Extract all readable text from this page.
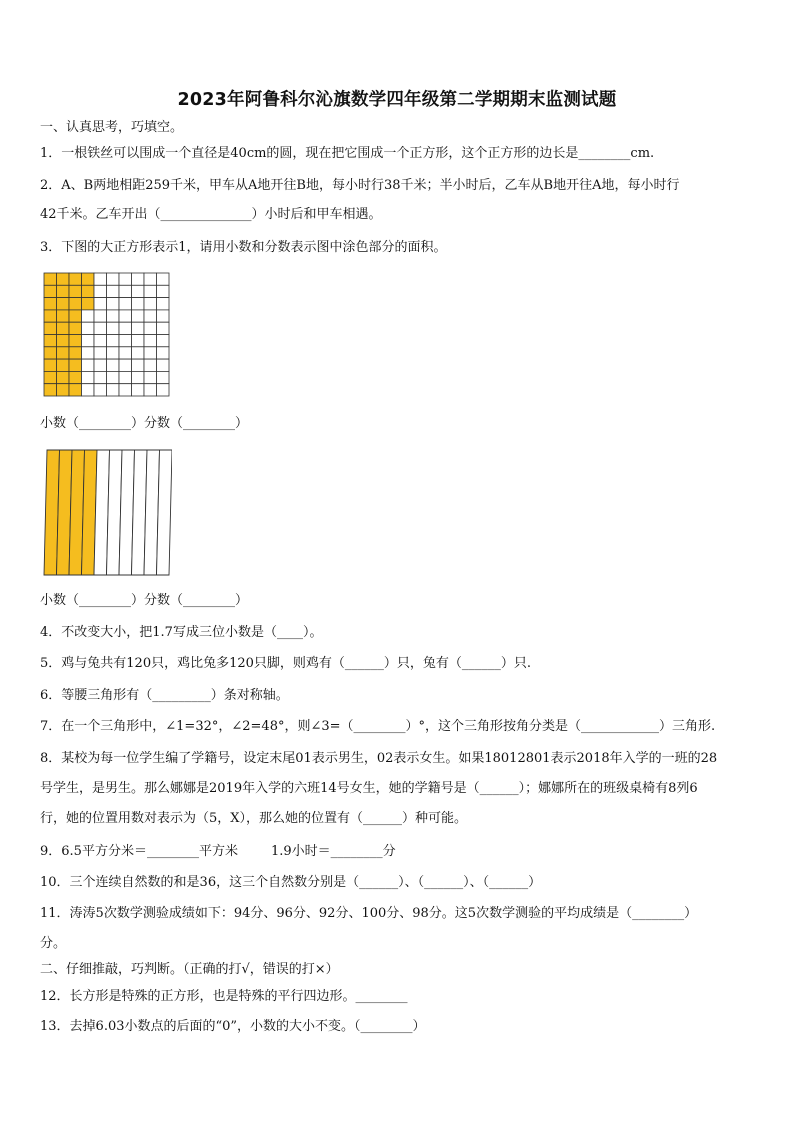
2023年阿鲁科尔沁旗数学四年级第二学期期末监测试题
一、认真思考，巧填空。
1．一根铁丝可以围成一个直径是40cm的圆，现在把它围成一个正方形，这个正方形的边长是________cm.
2．A、B两地相距259千米，甲车从A地开往B地，每小时行38千米；半小时后，乙车从B地开往A地，每小时行
42千米。乙车开出（______________）小时后和甲车相遇。
3．下图的大正方形表示1，请用小数和分数表示图中涂色部分的面积。
小数（________）分数（________）
小数（________）分数（________）
4．不改变大小，把1.7写成三位小数是（____）。
5．鸡与兔共有120只，鸡比兔多120只脚，则鸡有（______）只，兔有（______）只.
6．等腰三角形有（_________）条对称轴。
7．在一个三角形中，∠1=32°，∠2=48°，则∠3=（________）°，这个三角形按角分类是（____________）三角形.
8．某校为每一位学生编了学籍号，设定末尾01表示男生，02表示女生。如果18012801表示2018年入学的一班的28
号学生，是男生。那么娜娜是2019年入学的六班14号女生，她的学籍号是（______）；娜娜所在的班级桌椅有8列6
行，她的位置用数对表示为（5，X），那么她的位置有（______）种可能。
9．6.5平方分米＝________平方米        1.9小时＝________分
10．三个连续自然数的和是36，这三个自然数分别是（______）、（______）、（______）
11．涛涛5次数学测验成绩如下：94分、96分、92分、100分、98分。这5次数学测验的平均成绩是（________）
分。
二、仔细推敲，巧判断。（正确的打√，错误的打×）
12．长方形是特殊的正方形，也是特殊的平行四边形。________
13．去掉6.03小数点的后面的“0”，小数的大小不变。（________）
